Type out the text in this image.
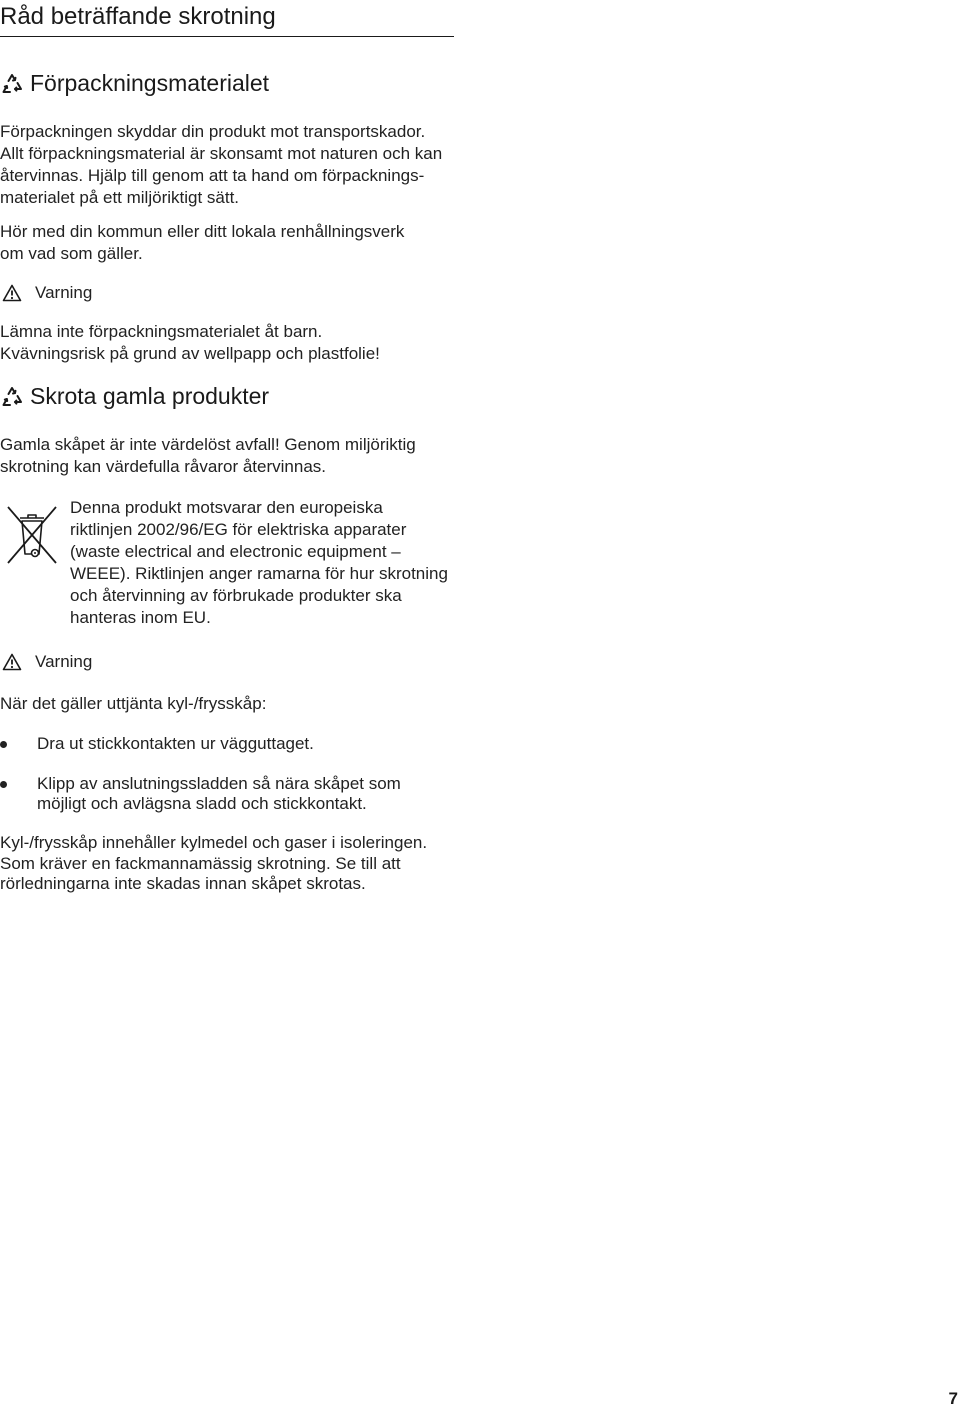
Råd beträffande skrotning
Förpackningsmaterialet

Förpackningen skyddar din produkt mot transportskador.
Allt förpackningsmaterial är skonsamt mot naturen och kan
återvinnas. Hjälp till genom att ta hand om förpacknings-
materialet på ett miljöriktigt sätt.

Hör med din kommun eller ditt lokala renhållningsverk
om vad som gäller.

Varning

Lämna inte förpackningsmaterialet åt barn.
Kvävningsrisk på grund av wellpapp och plastfolie!

Skrota gamla produkter

Gamla skåpet är inte värdelöst avfall! Genom miljöriktig
skrotning kan värdefulla råvaror återvinnas.

Denna produkt motsvarar den europeiska
riktlinjen 2002/96/EG för elektriska apparater
(waste electrical and electronic equipment –
WEEE). Riktlinjen anger ramarna för hur skrotning
och återvinning av förbrukade produkter ska
hanteras inom EU.

Varning

När det gäller uttjänta kyl-/frysskåp:

Dra ut stickkontakten ur vägguttaget.
Klipp av anslutningssladden så nära skåpet som
möjligt och avlägsna sladd och stickkontakt.

Kyl-/frysskåp innehåller kylmedel och gaser i isoleringen.
Som kräver en fackmannamässig skrotning. Se till att
rörledningarna inte skadas innan skåpet skrotas.

7
